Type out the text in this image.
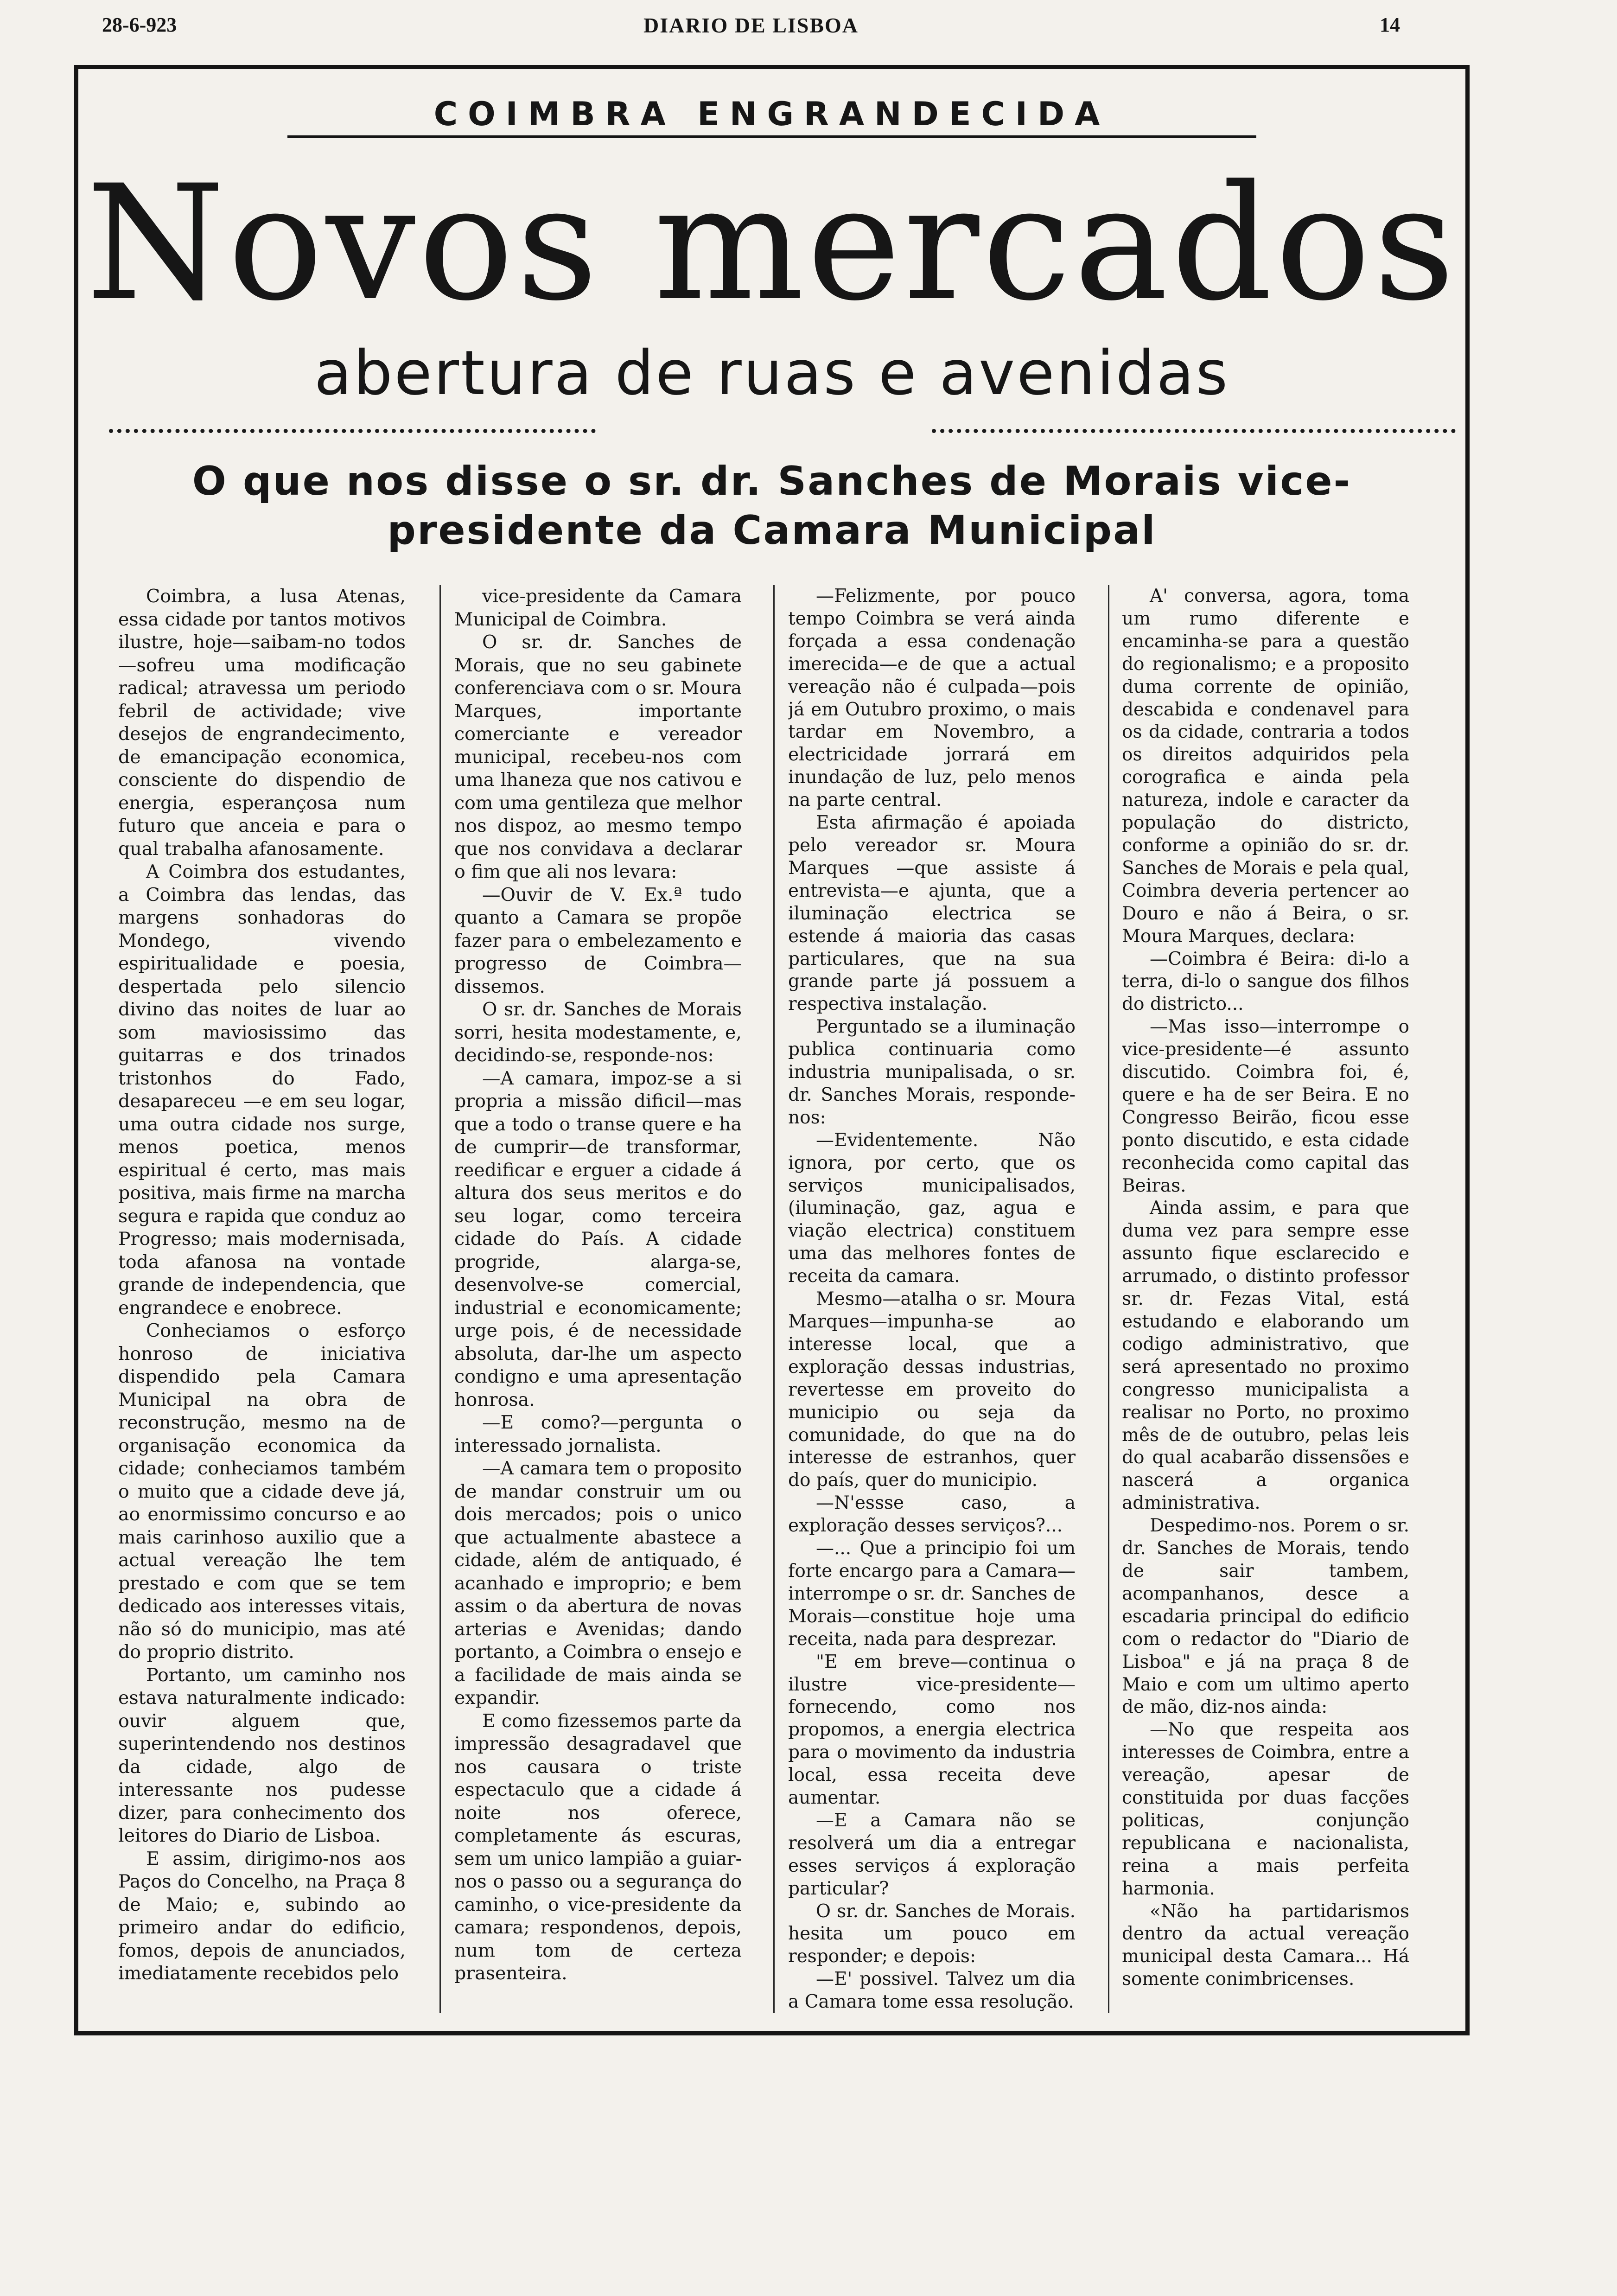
DIARIO DE LISBOA
28-6-923	14
COIMBRA ENGRANDECIDA
Novos mercados
abertura de ruas e avenidas
O que nos disse o sr. dr. Sanches de Morais vice-presidente da Camara Municipal

Coimbra, a lusa Atenas, essa cidade por tantos motivos ilustre, hoje—saibam-no todos—sofreu uma modificação radical; atravessa um periodo febril de actividade; vive desejos de engrandecimento, de emancipação economica, consciente do dispendio de energia, esperançosa num futuro que anceia e para o qual trabalha afanosamente.

A Coimbra dos estudantes, a Coimbra das lendas, das margens sonhadoras do Mondego, vivendo espiritualidade e poesia, despertada pelo silencio divino das noites de luar ao som maviosissimo das guitarras e dos trinados tristonhos do Fado, desapareceu —e em seu logar, uma outra cidade nos surge, menos poetica, menos espiritual é certo, mas mais positiva, mais firme na marcha segura e rapida que conduz ao Progresso; mais modernisada, toda afanosa na vontade grande de independencia, que engrandece e enobrece.

Conheciamos o esforço honroso de iniciativa dispendido pela Camara Municipal na obra de reconstrução, mesmo na de organisação economica da cidade; conheciamos também o muito que a cidade deve já, ao enormissimo concurso e ao mais carinhoso auxilio que a actual vereação lhe tem prestado e com que se tem dedicado aos interesses vitais, não só do municipio, mas até do proprio distrito.

Portanto, um caminho nos estava naturalmente indicado: ouvir alguem que, superintendendo nos destinos da cidade, algo de interessante nos pudesse dizer, para conhecimento dos leitores do Diario de Lisboa.

E assim, dirigimo-nos aos Paços do Concelho, na Praça 8 de Maio; e, subindo ao primeiro andar do edificio, fomos, depois de anunciados, imediatamente recebidos pelo

vice-presidente da Camara Municipal de Coimbra.

O sr. dr. Sanches de Morais, que no seu gabinete conferenciava com o sr. Moura Marques, importante comerciante e vereador municipal, recebeu-nos com uma lhaneza que nos cativou e com uma gentileza que melhor nos dispoz, ao mesmo tempo que nos convidava a declarar o fim que ali nos levara:

—Ouvir de V. Ex.ª tudo quanto a Camara se propõe fazer para o embelezamento e progresso de Coimbra—dissemos.

O sr. dr. Sanches de Morais sorri, hesita modestamente, e, decidindo-se, responde-nos:

—A camara, impoz-se a si propria a missão dificil—mas que a todo o transe quere e ha de cumprir—de transformar, reedificar e erguer a cidade á altura dos seus meritos e do seu logar, como terceira cidade do País. A cidade progride, alarga-se, desenvolve-se comercial, industrial e economicamente; urge pois, é de necessidade absoluta, dar-lhe um aspecto condigno e uma apresentação honrosa.

—E como?—pergunta o interessado jornalista.

—A camara tem o proposito de mandar construir um ou dois mercados; pois o unico que actualmente abastece a cidade, além de antiquado, é acanhado e improprio; e bem assim o da abertura de novas arterias e Avenidas; dando portanto, a Coimbra o ensejo e a facilidade de mais ainda se expandir.

E como fizessemos parte da impressão desagradavel que nos causara o triste espectaculo que a cidade á noite nos oferece, completamente ás escuras, sem um unico lampião a guiar-nos o passo ou a segurança do caminho, o vice-presidente da camara; respondenos, depois, num tom de certeza prasenteira.

—Felizmente, por pouco tempo Coimbra se verá ainda forçada a essa condenação imerecida—e de que a actual vereação não é culpada—pois já em Outubro proximo, o mais tardar em Novembro, a electricidade jorrará em inundação de luz, pelo menos na parte central.

Esta afirmação é apoiada pelo vereador sr. Moura Marques —que assiste á entrevista—e ajunta, que a iluminação electrica se estende á maioria das casas particulares, que na sua grande parte já possuem a respectiva instalação.

Perguntado se a iluminação publica continuaria como industria munipalisada, o sr. dr. Sanches Morais, responde-nos:

—Evidentemente. Não ignora, por certo, que os serviços municipalisados, (iluminação, gaz, agua e viação electrica) constituem uma das melhores fontes de receita da camara.

Mesmo—atalha o sr. Moura Marques—impunha-se ao interesse local, que a exploração dessas industrias, revertesse em proveito do municipio ou seja da comunidade, do que na do interesse de estranhos, quer do país, quer do municipio.

—N'essse caso, a exploração desses serviços?...

—... Que a principio foi um forte encargo para a Camara—interrompe o sr. dr. Sanches de Morais—constitue hoje uma receita, nada para desprezar.

"E em breve—continua o ilustre vice-presidente—fornecendo, como nos propomos, a energia electrica para o movimento da industria local, essa receita deve aumentar.

—E a Camara não se resolverá um dia a entregar esses serviços á exploração particular?

O sr. dr. Sanches de Morais. hesita um pouco em responder; e depois:

—E' possivel. Talvez um dia a Camara tome essa resolução.

A' conversa, agora, toma um rumo diferente e encaminha-se para a questão do regionalismo; e a proposito duma corrente de opinião, descabida e condenavel para os da cidade, contraria a todos os direitos adquiridos pela corografica e ainda pela natureza, indole e caracter da população do districto, conforme a opinião do sr. dr. Sanches de Morais e pela qual, Coimbra deveria pertencer ao Douro e não á Beira, o sr. Moura Marques, declara:

—Coimbra é Beira: di-lo a terra, di-lo o sangue dos filhos do districto...

—Mas isso—interrompe o vice-presidente—é assunto discutido. Coimbra foi, é, quere e ha de ser Beira. E no Congresso Beirão, ficou esse ponto discutido, e esta cidade reconhecida como capital das Beiras.

Ainda assim, e para que duma vez para sempre esse assunto fique esclarecido e arrumado, o distinto professor sr. dr. Fezas Vital, está estudando e elaborando um codigo administrativo, que será apresentado no proximo congresso municipalista a realisar no Porto, no proximo mês de de outubro, pelas leis do qual acabarão dissensões e nascerá a organica administrativa.

Despedimo-nos. Porem o sr. dr. Sanches de Morais, tendo de sair tambem, acompanhanos, desce a escadaria principal do edificio com o redactor do "Diario de Lisboa" e já na praça 8 de Maio e com um ultimo aperto de mão, diz-nos ainda:

—No que respeita aos interesses de Coimbra, entre a vereação, apesar de constituida por duas facções politicas, conjunção republicana e nacionalista, reina a mais perfeita harmonia.

«Não ha partidarismos dentro da actual vereação municipal desta Camara... Há somente conimbricenses.
